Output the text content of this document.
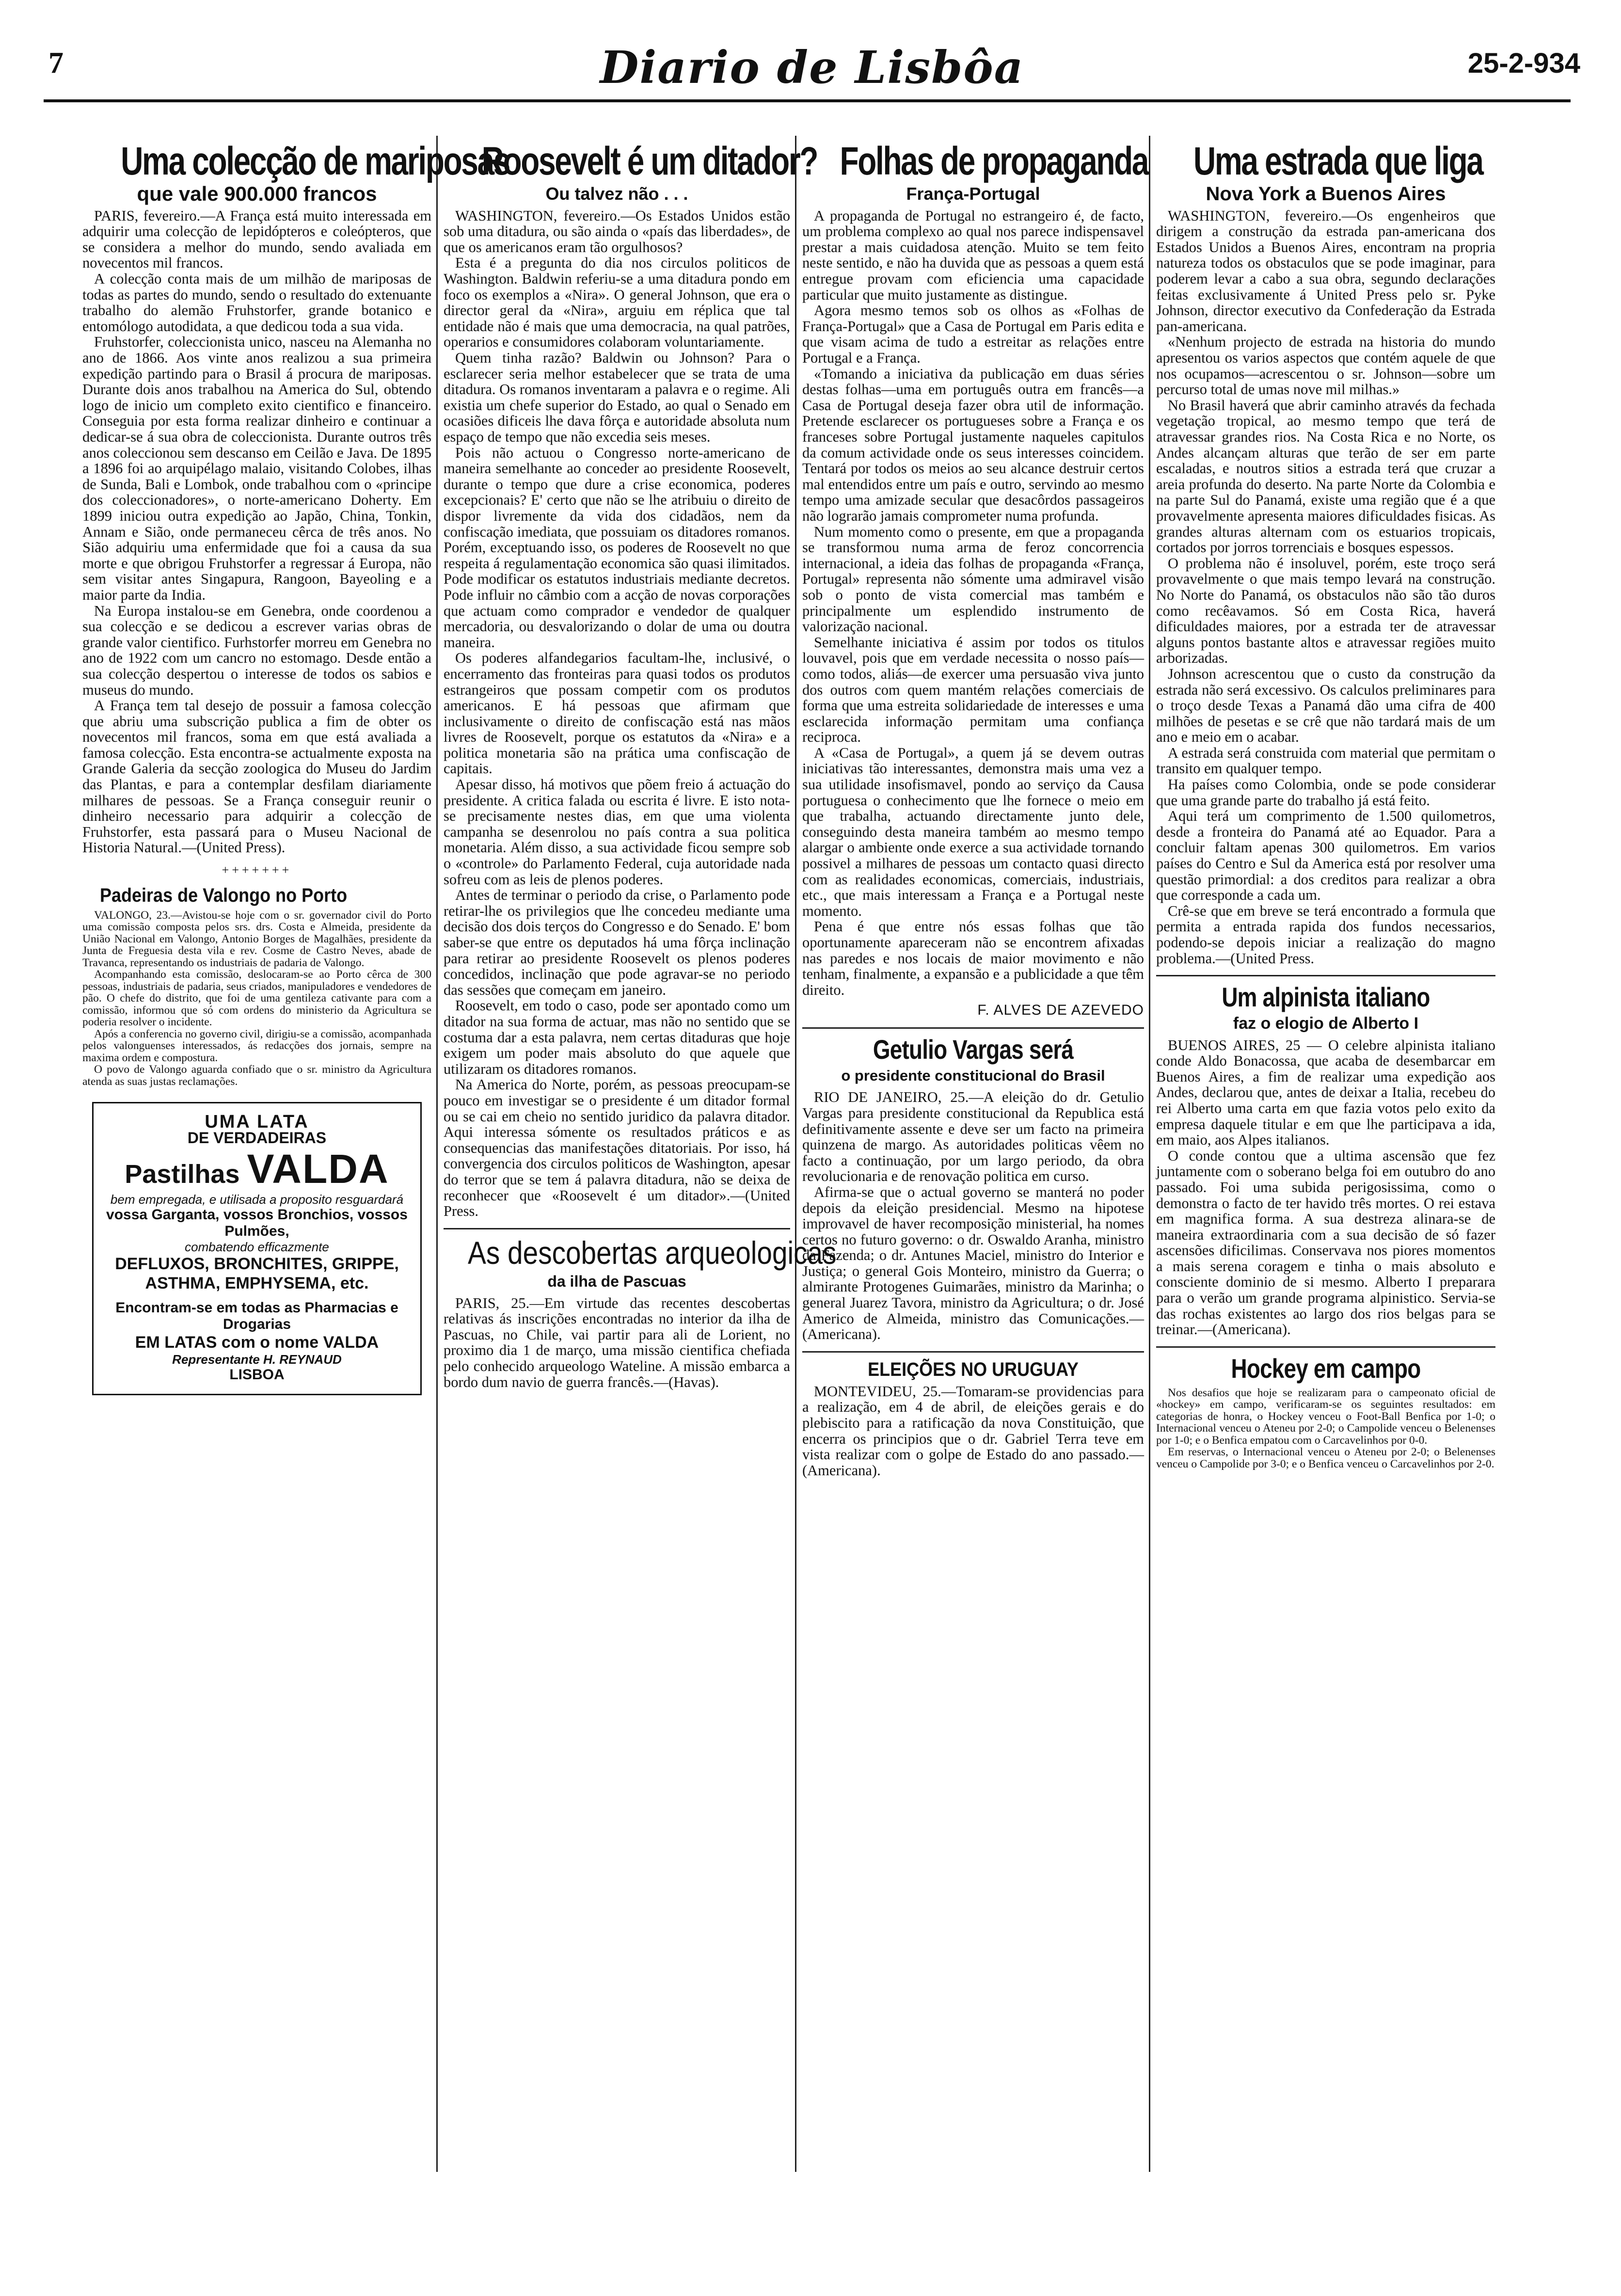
7	Diario de Lisbôa	25-2-934
Uma colecção de mariposas
que vale 900.000 francos

PARIS, fevereiro.—A França está muito interessada em adquirir uma colecção de lepidópteros e coleópteros, que se considera a melhor do mundo, sendo avaliada em novecentos mil francos.

A colecção conta mais de um milhão de mariposas de todas as partes do mundo, sendo o resultado do extenuante trabalho do alemão Fruhstorfer, grande botanico e entomólogo autodidata, a que dedicou toda a sua vida.

Fruhstorfer, coleccionista unico, nasceu na Alemanha no ano de 1866. Aos vinte anos realizou a sua primeira expedição partindo para o Brasil á procura de mariposas. Durante dois anos trabalhou na America do Sul, obtendo logo de inicio um completo exito cientifico e financeiro. Conseguia por esta forma realizar dinheiro e continuar a dedicar-se á sua obra de coleccionista. Durante outros três anos coleccionou sem descanso em Ceilão e Java. De 1895 a 1896 foi ao arquipélago malaio, visitando Colobes, ilhas de Sunda, Bali e Lombok, onde trabalhou com o «principe dos coleccionadores», o norte-americano Doherty. Em 1899 iniciou outra expedição ao Japão, China, Tonkin, Annam e Sião, onde permaneceu cêrca de três anos. No Sião adquiriu uma enfermidade que foi a causa da sua morte e que obrigou Fruhstorfer a regressar á Europa, não sem visitar antes Singapura, Rangoon, Bayeoling e a maior parte da India.

Na Europa instalou-se em Genebra, onde coordenou a sua colecção e se dedicou a escrever varias obras de grande valor cientifico. Furhstorfer morreu em Genebra no ano de 1922 com um cancro no estomago. Desde então a sua colecção despertou o interesse de todos os sabios e museus do mundo.

A França tem tal desejo de possuir a famosa colecção que abriu uma subscrição publica a fim de obter os novecentos mil francos, soma em que está avaliada a famosa colecção. Esta encontra-se actualmente exposta na Grande Galeria da secção zoologica do Museu do Jardim das Plantas, e para a contemplar desfilam diariamente milhares de pessoas. Se a França conseguir reunir o dinheiro necessario para adquirir a colecção de Fruhstorfer, esta passará para o Museu Nacional de Historia Natural.—(United Press).

+++++++
Padeiras de Valongo no Porto

VALONGO, 23.—Avistou-se hoje com o sr. governador civil do Porto uma comissão composta pelos srs. drs. Costa e Almeida, presidente da União Nacional em Valongo, Antonio Borges de Magalhães, presidente da Junta de Freguesia desta vila e rev. Cosme de Castro Neves, abade de Travanca, representando os industriais de padaria de Valongo.

Acompanhando esta comissão, deslocaram-se ao Porto cêrca de 300 pessoas, industriais de padaria, seus criados, manipuladores e vendedores de pão. O chefe do distrito, que foi de uma gentileza cativante para com a comissão, informou que só com ordens do ministerio da Agricultura se poderia resolver o incidente.

Após a conferencia no governo civil, dirigiu-se a comissão, acompanhada pelos valonguenses interessados, ás redacções dos jornais, sempre na maxima ordem e compostura.

O povo de Valongo aguarda confiado que o sr. ministro da Agricultura atenda as suas justas reclamações.

UMA LATA
DE VERDADEIRAS
Pastilhas VALDA
bem empregada, e utilisada a proposito resguardará
vossa Garganta, vossos Bronchios, vossos Pulmões,
combatendo efficazmente
DEFLUXOS, BRONCHITES, GRIPPE, ASTHMA, EMPHYSEMA, etc.
Encontram-se em todas as Pharmacias e Drogarias
EM LATAS com o nome VALDA
Representante H. REYNAUD
LISBOA
Roosevelt é um ditador?
Ou talvez não . . .

WASHINGTON, fevereiro.—Os Estados Unidos estão sob uma ditadura, ou são ainda o «país das liberdades», de que os americanos eram tão orgulhosos?

Esta é a pregunta do dia nos circulos politicos de Washington. Baldwin referiu-se a uma ditadura pondo em foco os exemplos a «Nira». O general Johnson, que era o director geral da «Nira», arguiu em réplica que tal entidade não é mais que uma democracia, na qual patrões, operarios e consumidores colaboram voluntariamente.

Quem tinha razão? Baldwin ou Johnson? Para o esclarecer seria melhor estabelecer que se trata de uma ditadura. Os romanos inventaram a palavra e o regime. Ali existia um chefe superior do Estado, ao qual o Senado em ocasiões dificeis lhe dava fôrça e autoridade absoluta num espaço de tempo que não excedia seis meses.

Pois não actuou o Congresso norte-americano de maneira semelhante ao conceder ao presidente Roosevelt, durante o tempo que dure a crise economica, poderes excepcionais? E' certo que não se lhe atribuiu o direito de dispor livremente da vida dos cidadãos, nem da confiscação imediata, que possuiam os ditadores romanos. Porém, exceptuando isso, os poderes de Roosevelt no que respeita á regulamentação economica são quasi ilimitados. Pode modificar os estatutos industriais mediante decretos. Pode influir no câmbio com a acção de novas corporações que actuam como comprador e vendedor de qualquer mercadoria, ou desvalorizando o dolar de uma ou doutra maneira.

Os poderes alfandegarios facultam-lhe, inclusivé, o encerramento das fronteiras para quasi todos os produtos estrangeiros que possam competir com os produtos americanos. E há pessoas que afirmam que inclusivamente o direito de confiscação está nas mãos livres de Roosevelt, porque os estatutos da «Nira» e a politica monetaria são na prática uma confiscação de capitais.

Apesar disso, há motivos que põem freio á actuação do presidente. A critica falada ou escrita é livre. E isto nota-se precisamente nestes dias, em que uma violenta campanha se desenrolou no país contra a sua politica monetaria. Além disso, a sua actividade ficou sempre sob o «controle» do Parlamento Federal, cuja autoridade nada sofreu com as leis de plenos poderes.

Antes de terminar o periodo da crise, o Parlamento pode retirar-lhe os privilegios que lhe concedeu mediante uma decisão dos dois terços do Congresso e do Senado. E' bom saber-se que entre os deputados há uma fôrça inclinação para retirar ao presidente Roosevelt os plenos poderes concedidos, inclinação que pode agravar-se no periodo das sessões que começam em janeiro.

Roosevelt, em todo o caso, pode ser apontado como um ditador na sua forma de actuar, mas não no sentido que se costuma dar a esta palavra, nem certas ditaduras que hoje exigem um poder mais absoluto do que aquele que utilizaram os ditadores romanos.

Na America do Norte, porém, as pessoas preocupam-se pouco em investigar se o presidente é um ditador formal ou se cai em cheio no sentido juridico da palavra ditador. Aqui interessa sómente os resultados práticos e as consequencias das manifestações ditatoriais. Por isso, há convergencia dos circulos politicos de Washington, apesar do terror que se tem á palavra ditadura, não se deixa de reconhecer que «Roosevelt é um ditador».—(United Press.

As descobertas arqueologicas
da ilha de Pascuas

PARIS, 25.—Em virtude das recentes descobertas relativas ás inscrições encontradas no interior da ilha de Pascuas, no Chile, vai partir para ali de Lorient, no proximo dia 1 de março, uma missão cientifica chefiada pelo conhecido arqueologo Wateline. A missão embarca a bordo dum navio de guerra francês.—(Havas).

Folhas de propaganda
França-Portugal

A propaganda de Portugal no estrangeiro é, de facto, um problema complexo ao qual nos parece indispensavel prestar a mais cuidadosa atenção. Muito se tem feito neste sentido, e não ha duvida que as pessoas a quem está entregue provam com eficiencia uma capacidade particular que muito justamente as distingue.

Agora mesmo temos sob os olhos as «Folhas de França-Portugal» que a Casa de Portugal em Paris edita e que visam acima de tudo a estreitar as relações entre Portugal e a França.

«Tomando a iniciativa da publicação em duas séries destas folhas—uma em português outra em francês—a Casa de Portugal deseja fazer obra util de informação. Pretende esclarecer os portugueses sobre a França e os franceses sobre Portugal justamente naqueles capitulos da comum actividade onde os seus interesses coincidem. Tentará por todos os meios ao seu alcance destruir certos mal entendidos entre um país e outro, servindo ao mesmo tempo uma amizade secular que desacôrdos passageiros não lograrão jamais comprometer numa profunda.

Num momento como o presente, em que a propaganda se transformou numa arma de feroz concorrencia internacional, a ideia das folhas de propaganda «França, Portugal» representa não sómente uma admiravel visão sob o ponto de vista comercial mas também e principalmente um esplendido instrumento de valorização nacional.

Semelhante iniciativa é assim por todos os titulos louvavel, pois que em verdade necessita o nosso país—como todos, aliás—de exercer uma persuasão viva junto dos outros com quem mantém relações comerciais de forma que uma estreita solidariedade de interesses e uma esclarecida informação permitam uma confiança reciproca.

A «Casa de Portugal», a quem já se devem outras iniciativas tão interessantes, demonstra mais uma vez a sua utilidade insofismavel, pondo ao serviço da Causa portuguesa o conhecimento que lhe fornece o meio em que trabalha, actuando directamente junto dele, conseguindo desta maneira também ao mesmo tempo alargar o ambiente onde exerce a sua actividade tornando possivel a milhares de pessoas um contacto quasi directo com as realidades economicas, comerciais, industriais, etc., que mais interessam a França e a Portugal neste momento.

Pena é que entre nós essas folhas que tão oportunamente apareceram não se encontrem afixadas nas paredes e nos locais de maior movimento e não tenham, finalmente, a expansão e a publicidade a que têm direito.

F. ALVES DE AZEVEDO
Getulio Vargas será
o presidente constitucional do Brasil

RIO DE JANEIRO, 25.—A eleição do dr. Getulio Vargas para presidente constitucional da Republica está definitivamente assente e deve ser um facto na primeira quinzena de margo. As autoridades politicas vêem no facto a continuação, por um largo periodo, da obra revolucionaria e de renovação politica em curso.

Afirma-se que o actual governo se manterá no poder depois da eleição presidencial. Mesmo na hipotese improvavel de haver recomposição ministerial, ha nomes certos no futuro governo: o dr. Oswaldo Aranha, ministro da Fazenda; o dr. Antunes Maciel, ministro do Interior e Justiça; o general Gois Monteiro, ministro da Guerra; o almirante Protogenes Guimarães, ministro da Marinha; o general Juarez Tavora, ministro da Agricultura; o dr. José Americo de Almeida, ministro das Comunicações.—(Americana).

ELEIÇÕES NO URUGUAY

MONTEVIDEU, 25.—Tomaram-se providencias para a realização, em 4 de abril, de eleições gerais e do plebiscito para a ratificação da nova Constituição, que encerra os principios que o dr. Gabriel Terra teve em vista realizar com o golpe de Estado do ano passado.—(Americana).

Uma estrada que liga
Nova York a Buenos Aires

WASHINGTON, fevereiro.—Os engenheiros que dirigem a construção da estrada pan-americana dos Estados Unidos a Buenos Aires, encontram na propria natureza todos os obstaculos que se pode imaginar, para poderem levar a cabo a sua obra, segundo declarações feitas exclusivamente á United Press pelo sr. Pyke Johnson, director executivo da Confederação da Estrada pan-americana.

«Nenhum projecto de estrada na historia do mundo apresentou os varios aspectos que contém aquele de que nos ocupamos—acrescentou o sr. Johnson—sobre um percurso total de umas nove mil milhas.»

No Brasil haverá que abrir caminho através da fechada vegetação tropical, ao mesmo tempo que terá de atravessar grandes rios. Na Costa Rica e no Norte, os Andes alcançam alturas que terão de ser em parte escaladas, e noutros sitios a estrada terá que cruzar a areia profunda do deserto. Na parte Norte da Colombia e na parte Sul do Panamá, existe uma região que é a que provavelmente apresenta maiores dificuldades fisicas. As grandes alturas alternam com os estuarios tropicais, cortados por jorros torrenciais e bosques espessos.

O problema não é insoluvel, porém, este troço será provavelmente o que mais tempo levará na construção. No Norte do Panamá, os obstaculos não são tão duros como recêavamos. Só em Costa Rica, haverá dificuldades maiores, por a estrada ter de atravessar alguns pontos bastante altos e atravessar regiões muito arborizadas.

Johnson acrescentou que o custo da construção da estrada não será excessivo. Os calculos preliminares para o troço desde Texas a Panamá dão uma cifra de 400 milhões de pesetas e se crê que não tardará mais de um ano e meio em o acabar.

A estrada será construida com material que permitam o transito em qualquer tempo.

Ha países como Colombia, onde se pode considerar que uma grande parte do trabalho já está feito.

Aqui terá um comprimento de 1.500 quilometros, desde a fronteira do Panamá até ao Equador. Para a concluir faltam apenas 300 quilometros. Em varios países do Centro e Sul da America está por resolver uma questão primordial: a dos creditos para realizar a obra que corresponde a cada um.

Crê-se que em breve se terá encontrado a formula que permita a entrada rapida dos fundos necessarios, podendo-se depois iniciar a realização do magno problema.—(United Press.

Um alpinista italiano
faz o elogio de Alberto I

BUENOS AIRES, 25 — O celebre alpinista italiano conde Aldo Bonacossa, que acaba de desembarcar em Buenos Aires, a fim de realizar uma expedição aos Andes, declarou que, antes de deixar a Italia, recebeu do rei Alberto uma carta em que fazia votos pelo exito da empresa daquele titular e em que lhe participava a ida, em maio, aos Alpes italianos.

O conde contou que a ultima ascensão que fez juntamente com o soberano belga foi em outubro do ano passado. Foi uma subida perigosissima, como o demonstra o facto de ter havido três mortes. O rei estava em magnifica forma. A sua destreza alinara-se de maneira extraordinaria com a sua decisão de só fazer ascensões dificilimas. Conservava nos piores momentos a mais serena coragem e tinha o mais absoluto e consciente dominio de si mesmo. Alberto I preparara para o verão um grande programa alpinistico. Servia-se das rochas existentes ao largo dos rios belgas para se treinar.—(Americana).

Hockey em campo

Nos desafios que hoje se realizaram para o campeonato oficial de «hockey» em campo, verificaram-se os seguintes resultados: em categorias de honra, o Hockey venceu o Foot-Ball Benfica por 1-0; o Internacional venceu o Ateneu por 2-0; o Campolide venceu o Belenenses por 1-0; e o Benfica empatou com o Carcavelinhos por 0-0.

Em reservas, o Internacional venceu o Ateneu por 2-0; o Belenenses venceu o Campolide por 3-0; e o Benfica venceu o Carcavelinhos por 2-0.
